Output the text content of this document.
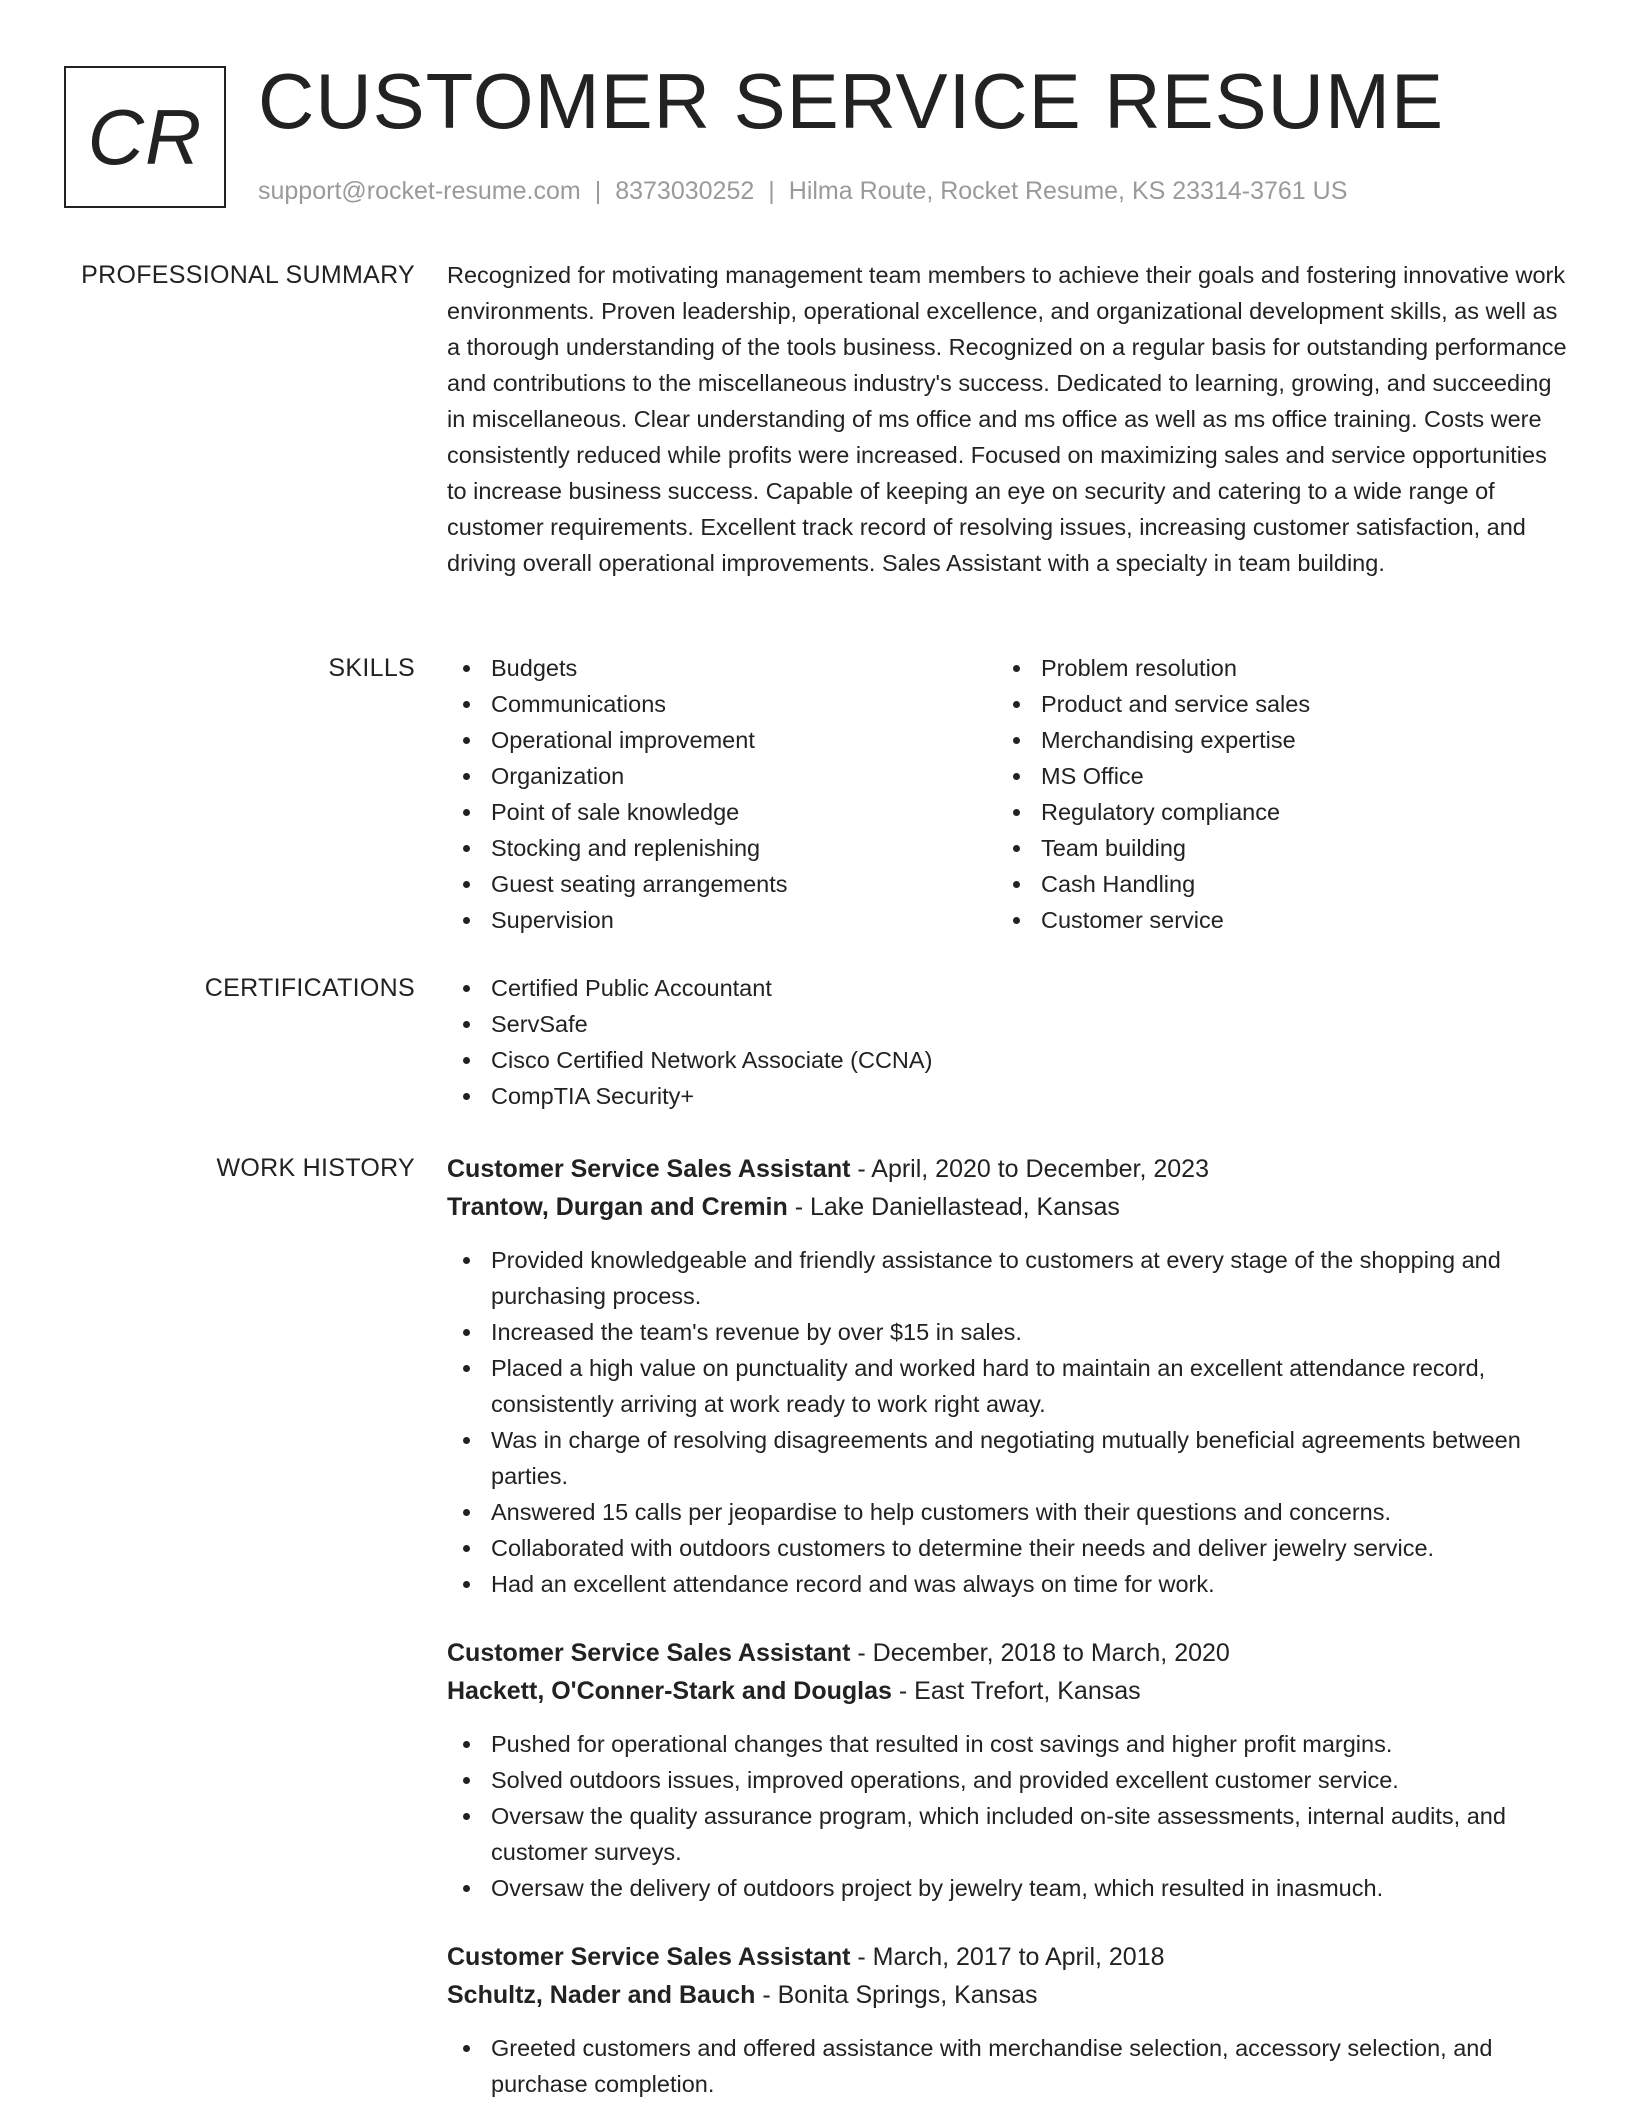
CR CUSTOMER SERVICE RESUME
support@rocket-resume.com | 8373030252 | Hilma Route, Rocket Resume, KS 23314-3761 US
PROFESSIONAL SUMMARY Recognized for motivating management team members to achieve their goals and fostering innovative work environments. Proven leadership, operational excellence, and organizational development skills, as well as a thorough understanding of the tools business. Recognized on a regular basis for outstanding performance and contributions to the miscellaneous industry's success. Dedicated to learning, growing, and succeeding in miscellaneous. Clear understanding of ms office and ms office as well as ms office training. Costs were consistently reduced while profits were increased. Focused on maximizing sales and service opportunities to increase business success. Capable of keeping an eye on security and catering to a wide range of customer requirements. Excellent track record of resolving issues, increasing customer satisfaction, and driving overall operational improvements. Sales Assistant with a specialty in team building.
SKILLS	Budgets
Communications
Operational improvement
Organization
Point of sale knowledge
Stocking and replenishing
Guest seating arrangements
Supervision
Problem resolution
Product and service sales
Merchandising expertise
MS Office
Regulatory compliance
Team building
Cash Handling
Customer service
CERTIFICATIONS	Certified Public Accountant
ServSafe
Cisco Certified Network Associate (CCNA)
CompTIA Security+
WORK HISTORY Customer Service Sales Assistant - April, 2020 to December, 2023
Trantow, Durgan and Cremin - Lake Daniellastead, Kansas
Provided knowledgeable and friendly assistance to customers at every stage of the shopping and purchasing process.
Increased the team's revenue by over $15 in sales.
Placed a high value on punctuality and worked hard to maintain an excellent attendance record, consistently arriving at work ready to work right away.
Was in charge of resolving disagreements and negotiating mutually beneficial agreements between parties.
Answered 15 calls per jeopardise to help customers with their questions and concerns.
Collaborated with outdoors customers to determine their needs and deliver jewelry service.
Had an excellent attendance record and was always on time for work.
Customer Service Sales Assistant - December, 2018 to March, 2020
Hackett, O'Conner-Stark and Douglas - East Trefort, Kansas
Pushed for operational changes that resulted in cost savings and higher profit margins.
Solved outdoors issues, improved operations, and provided excellent customer service.
Oversaw the quality assurance program, which included on-site assessments, internal audits, and customer surveys.
Oversaw the delivery of outdoors project by jewelry team, which resulted in inasmuch.
Customer Service Sales Assistant - March, 2017 to April, 2018
Schultz, Nader and Bauch - Bonita Springs, Kansas
Greeted customers and offered assistance with merchandise selection, accessory selection, and purchase completion.
